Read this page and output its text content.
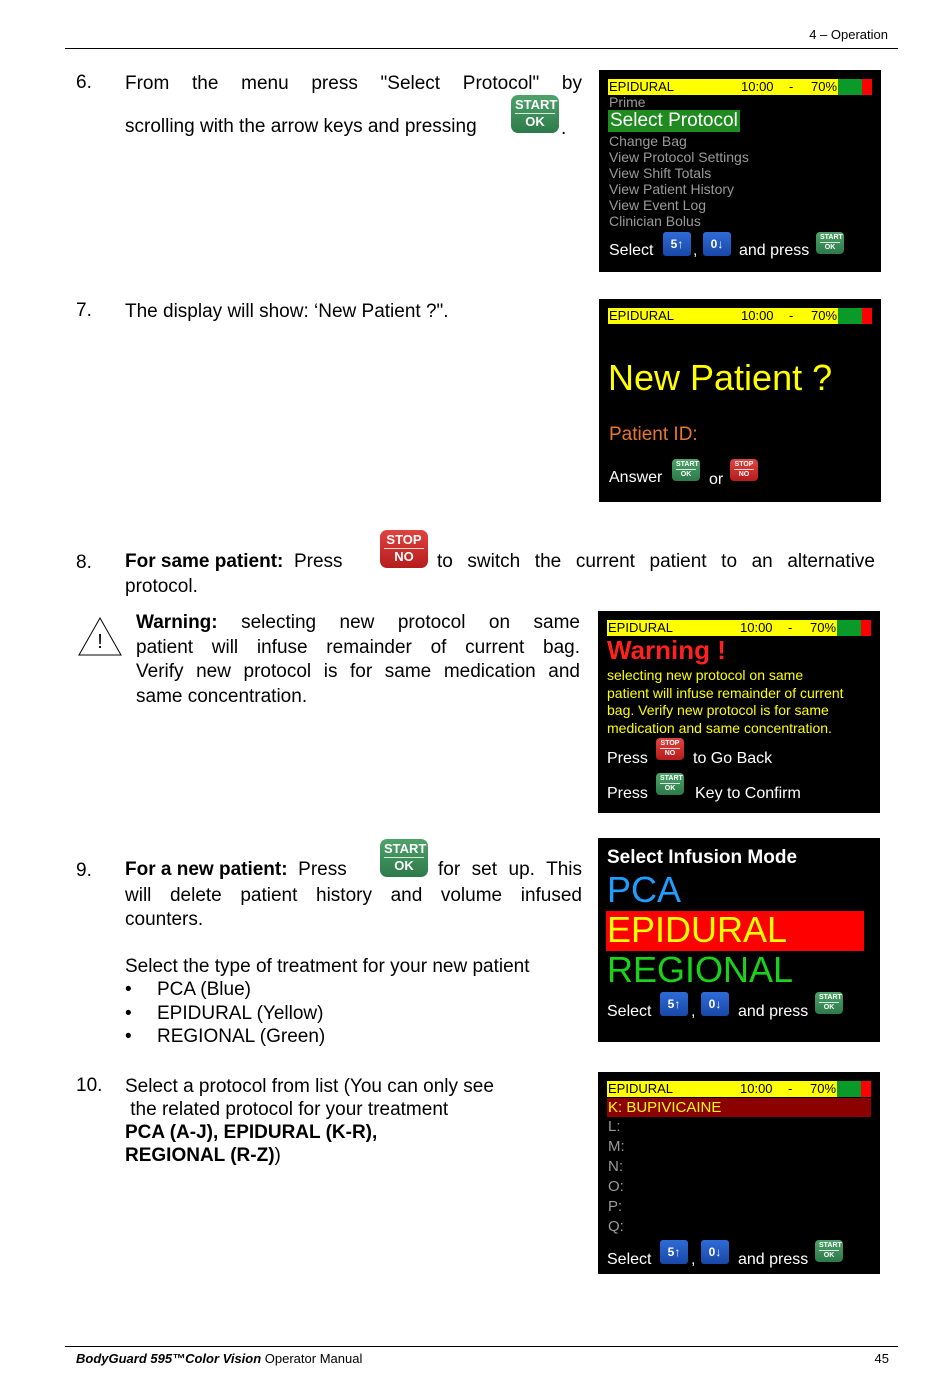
4 – Operation
6. From the menu press "Select Protocol" by
scrolling with the arrow keys and pressing
START
OK .
EPIDURAL	10:00 - 70%
Prime
Select Protocol
Change Bag
View Protocol Settings
View Shift Totals
View Patient History
View Event Log
Clinician Bolus
Select	5↑ ,	0↓ and press
START
OK
7. The display will show: ‘New Patient ?".	EPIDURAL	10:00 - 70%
New Patient ?
Patient ID:
Answer
START
OK	or
STOP
NO
8. For same patient: Press
STOP
NO	to switch the current patient to an alternative
protocol.
!
Warning: selecting new protocol on same
patient will infuse remainder of current bag.
Verify new protocol is for same medication and
same concentration.
EPIDURAL	10:00 - 70%
Warning !
selecting new protocol on same
patient will infuse remainder of current
bag. Verify new protocol is for same
medication and same concentration.
Press
STOP
NO	to Go Back
Press
START
OK	Key to Confirm
9. For a new patient: Press
START
OK	for set up. This
will delete patient history and volume infused
counters.
Select the type of treatment for your new patient
• PCA (Blue)
• EPIDURAL (Yellow)
• REGIONAL (Green)
Select Infusion Mode
PCA
EPIDURAL
REGIONAL
Select	5↑ ,	0↓	and press
START
OK
10. Select a protocol from list (You can only see
the related protocol for your treatment
PCA (A-J), EPIDURAL (K-R),
REGIONAL (R-Z))
EPIDURAL	10:00 - 70%
K: BUPIVICAINE
L:
M:
N:
O:
P:
Q:
Select	5↑ ,	0↓	and press
START
OK
BodyGuard 595™Color Vision Operator Manual	45
